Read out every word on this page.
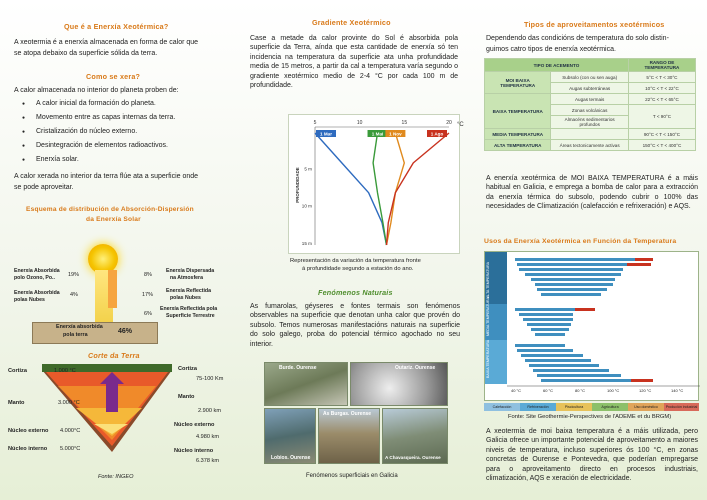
Que é a Enerxía Xeotérmica?
A xeotermia é a enerxía almacenada en forma de calor que
se atopa debaixo da superficie sólida da terra.
Como se xera?
A calor almacenada no interior do planeta proben de:
● A calor inicial da formación do planeta.
● Movemento entre as capas internas da terra.
● Cristalización do núcleo externo.
● Desintegración de elementos radioactivos.
● Enerxía solar.
A calor xerada no interior da terra flúe ata a superficie onde
se pode aproveitar.
Esquema de distribución de Absorción-Dispersión
da Enerxía Solar
Enerxía Absorbida
polo Ozono, Po.. 19%
Enerxía Absorbida
polas Nubes
4%
8%
Enerxía Dispersada
na Atmosfera
17%
Enerxía Reflectida
polas Nubes
6%
Enerxía Reflectida pola
Superficie Terrestre
Enerxía absorbida
pola terra	46%
Corte da Terra
Cortiza	1.000 °C
Manto	3.000 °C
Núcleo externo 4.000°C
Núcleo interno 5.000°C
Cortiza
75-100 Km
Manto
2.900 km
Núcleo externo
4.980 km
Núcleo interno
6.378 km
Fonte: INGEO
Gradiente Xeotérmico
Case a metade da calor provinte do Sol é absorbida pola superficie da Terra, aínda que esta cantidade de enerxía só ten incidencia na temperatura da superficie ata unha profundidade media de 15 metros, a partir da cal a temperatura varía segundo o gradiente xeotérmico medio de 2-4 °C por cada 100 m de profundidade.
5	10	15	20 °C
5 m
10 m
15 m
PROFUNDIDADE
1 Mar	1 Mai 1 Nov	1 Ago
Representación da variación da temperatura fronte
á profundidade segundo a estación do ano.
Fenómenos Naturais
As fumarolas, géyseres e fontes termais son fenómenos observables na superficie que denotan unha calor que provén do subsolo. Temos numerosas manifestacións naturais na superficie do solo galego, proba do potencial térmico agochado no seu interior.
Burde. Ourense	Outariz. Ourense
Lobios. Ourense
As Burgas. Ourense
A Chavasqueira. Ourense
Fenómenos superficiais en Galicia
Tipos de aproveitamentos xeotérmicos
Dependendo das condicións de temperatura do solo distin-
guimos catro tipos de enerxía xeotérmica.
TIPO DE ACEMENTO		RANGO DE TEMPERATURA
MOI BAIXA TEMPERATURA	Subsolo (con ou sen auga)	5°C < T < 30°C
	Augas subterráneas	10°C < T < 22°C
BAIXA TEMPERATURA	Augas termais	22°C < T < 65°C
	Zonas volcánicas	T < 90°C
	Almacéns sedimentarios profundos	
MEDIA TEMPERATURA		90°C < T < 150°C
ALTA TEMPERATURA	Áreas tectonicamente activas	150°C < T < 400°C
A enerxía xeotérmica de MOI BAIXA TEMPERATURA é a máis habitual en Galicia, e emprega a bomba de calor para a extracción da enerxía térmica do subsolo, podendo cubrir o 100% das necesidades de Climatización (calefacción e refrixeración) e AQS.
Usos da Enerxía Xeotérmica en Función da Temperatura
ALTA TEMPERATURA
MEDIA TEMPERATURA
BAIXA TEMPERATURA
40 °C	60 °C	80 °C	100 °C	120 °C	140 °C
Calefacción	Refrixeración	Piscicultura	Agricultura	Uso doméstico	Produción industrial
Fonte: Site Geothermie-Perspectives de l'ADEME et du BRGM)
A xeotermia de moi baixa temperatura é a máis utilizada, pero Galicia ofrece un importante potencial de aproveitamento a maiores niveis de temperatura, incluso superiores ós 100 °C, en zonas concretas de Ourense e Pontevedra, que poderían empregarse para o aproveitamento directo en procesos industriais, climatización, AQS e xeración de electricidade.
